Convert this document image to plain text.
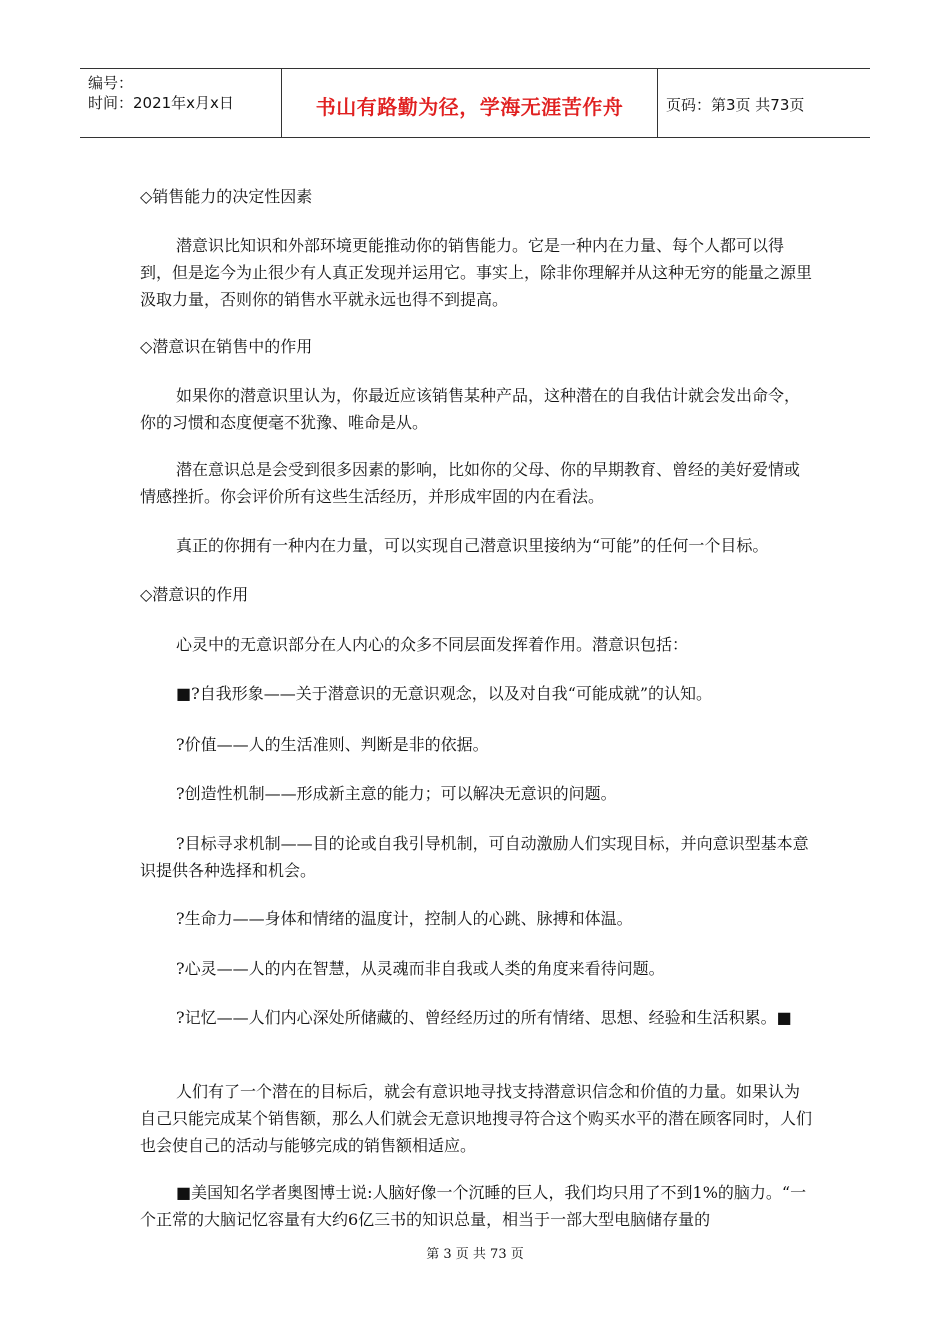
编号：
时间：2021年x月x日	书山有路勤为径，学海无涯苦作舟	页码：第3页 共73页

◇销售能力的决定性因素

潜意识比知识和外部环境更能推动你的销售能力。它是一种内在力量、每个人都可以得到，但是迄今为止很少有人真正发现并运用它。事实上，除非你理解并从这种无穷的能量之源里汲取力量，否则你的销售水平就永远也得不到提高。

◇潜意识在销售中的作用

如果你的潜意识里认为，你最近应该销售某种产品，这种潜在的自我估计就会发出命令，你的习惯和态度便毫不犹豫、唯命是从。

潜在意识总是会受到很多因素的影响，比如你的父母、你的早期教育、曾经的美好爱情或情感挫折。你会评价所有这些生活经历，并形成牢固的内在看法。

真正的你拥有一种内在力量，可以实现自己潜意识里接纳为“可能”的任何一个目标。

◇潜意识的作用

心灵中的无意识部分在人内心的众多不同层面发挥着作用。潜意识包括：

■?自我形象——关于潜意识的无意识观念，以及对自我“可能成就”的认知。

?价值——人的生活准则、判断是非的依据。

?创造性机制——形成新主意的能力；可以解决无意识的问题。

?目标寻求机制——目的论或自我引导机制，可自动激励人们实现目标，并向意识型基本意识提供各种选择和机会。

?生命力——身体和情绪的温度计，控制人的心跳、脉搏和体温。

?心灵——人的内在智慧，从灵魂而非自我或人类的角度来看待问题。

?记忆——人们内心深处所储藏的、曾经经历过的所有情绪、思想、经验和生活积累。■

人们有了一个潜在的目标后，就会有意识地寻找支持潜意识信念和价值的力量。如果认为自己只能完成某个销售额，那么人们就会无意识地搜寻符合这个购买水平的潜在顾客同时，人们也会使自己的活动与能够完成的销售额相适应。

■美国知名学者奥图博士说:人脑好像一个沉睡的巨人，我们均只用了不到1%的脑力。“一个正常的大脑记忆容量有大约6亿三书的知识总量，相当于一部大型电脑储存量的

第 3 页 共 73 页
